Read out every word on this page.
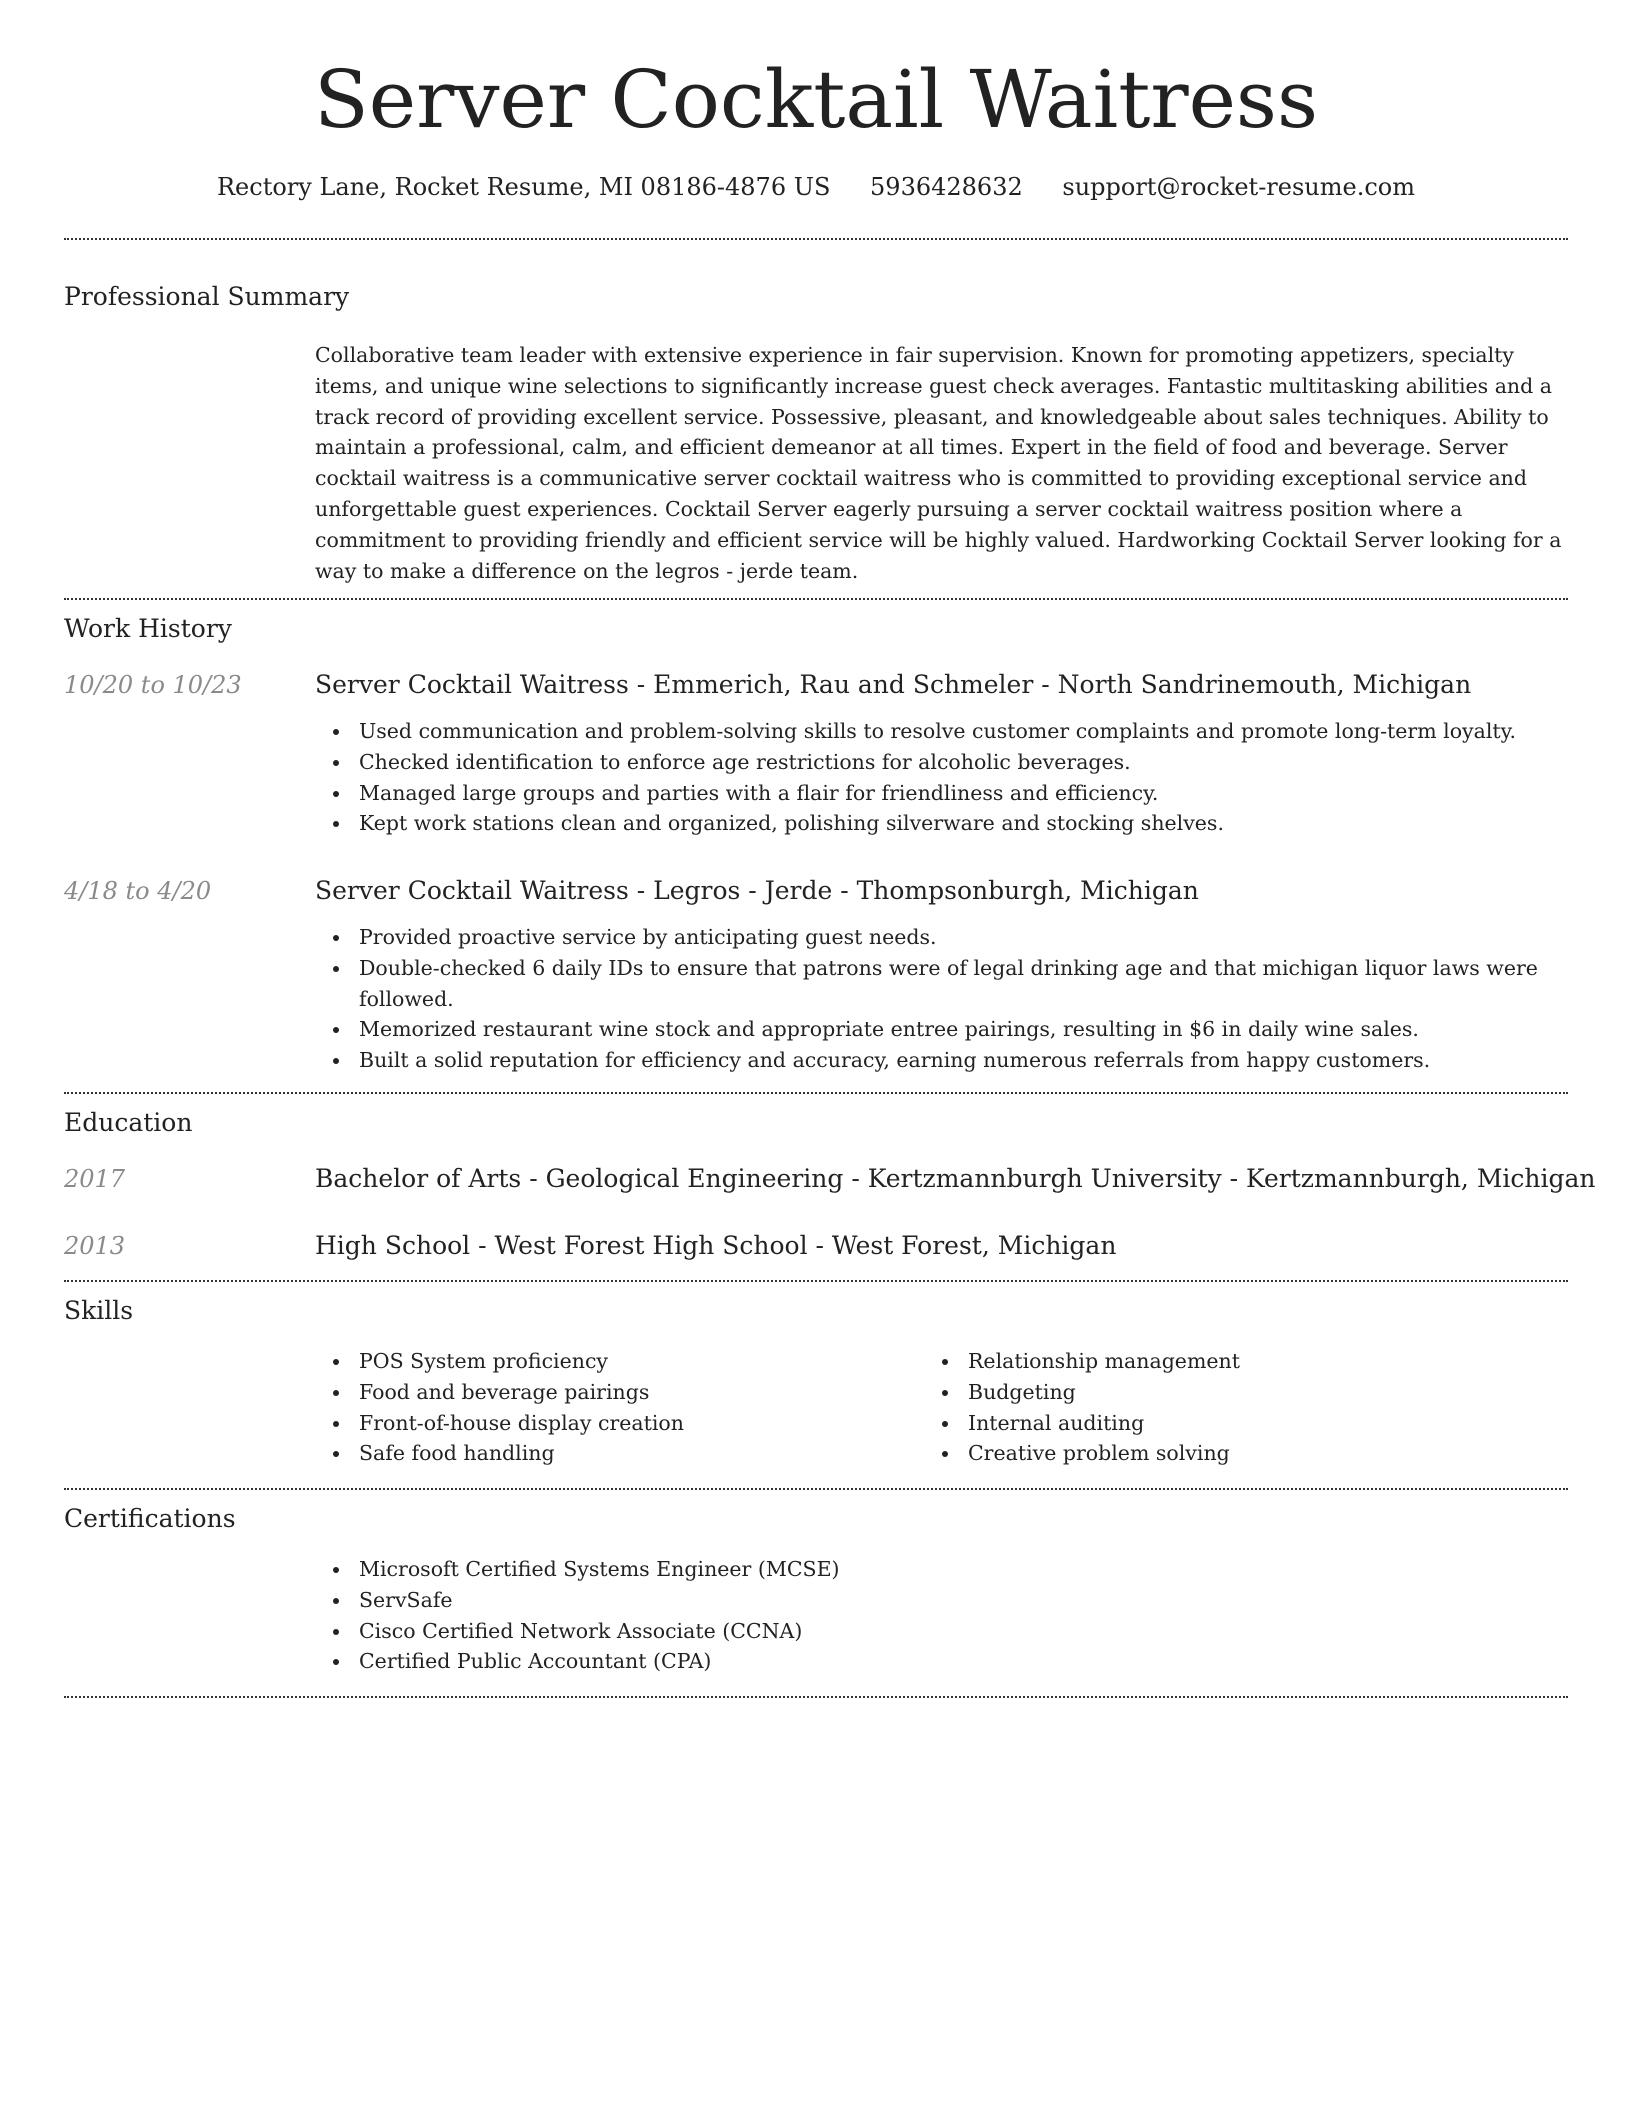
Server Cocktail Waitress
Rectory Lane, Rocket Resume, MI 08186-4876 US 5936428632 support@rocket-resume.com
Professional Summary
Collaborative team leader with extensive experience in fair supervision. Known for promoting appetizers, specialty items, and unique wine selections to significantly increase guest check averages. Fantastic multitasking abilities and a track record of providing excellent service. Possessive, pleasant, and knowledgeable about sales techniques. Ability to maintain a professional, calm, and efficient demeanor at all times. Expert in the field of food and beverage. Server cocktail waitress is a communicative server cocktail waitress who is committed to providing exceptional service and unforgettable guest experiences. Cocktail Server eagerly pursuing a server cocktail waitress position where a commitment to providing friendly and efficient service will be highly valued. Hardworking Cocktail Server looking for a way to make a difference on the legros - jerde team.
Work History
10/20 to 10/23	Server Cocktail Waitress - Emmerich, Rau and Schmeler - North Sandrinemouth, Michigan
Used communication and problem-solving skills to resolve customer complaints and promote long-term loyalty.
Checked identification to enforce age restrictions for alcoholic beverages.
Managed large groups and parties with a flair for friendliness and efficiency.
Kept work stations clean and organized, polishing silverware and stocking shelves.
4/18 to 4/20	Server Cocktail Waitress - Legros - Jerde - Thompsonburgh, Michigan
Provided proactive service by anticipating guest needs.
Double-checked 6 daily IDs to ensure that patrons were of legal drinking age and that michigan liquor laws were followed.
Memorized restaurant wine stock and appropriate entree pairings, resulting in $6 in daily wine sales.
Built a solid reputation for efficiency and accuracy, earning numerous referrals from happy customers.
Education
2017	Bachelor of Arts - Geological Engineering - Kertzmannburgh University - Kertzmannburgh, Michigan
2013	High School - West Forest High School - West Forest, Michigan
Skills
POS System proficiency
Food and beverage pairings
Front-of-house display creation
Safe food handling
Relationship management
Budgeting
Internal auditing
Creative problem solving
Certifications
Microsoft Certified Systems Engineer (MCSE)
ServSafe
Cisco Certified Network Associate (CCNA)
Certified Public Accountant (CPA)
